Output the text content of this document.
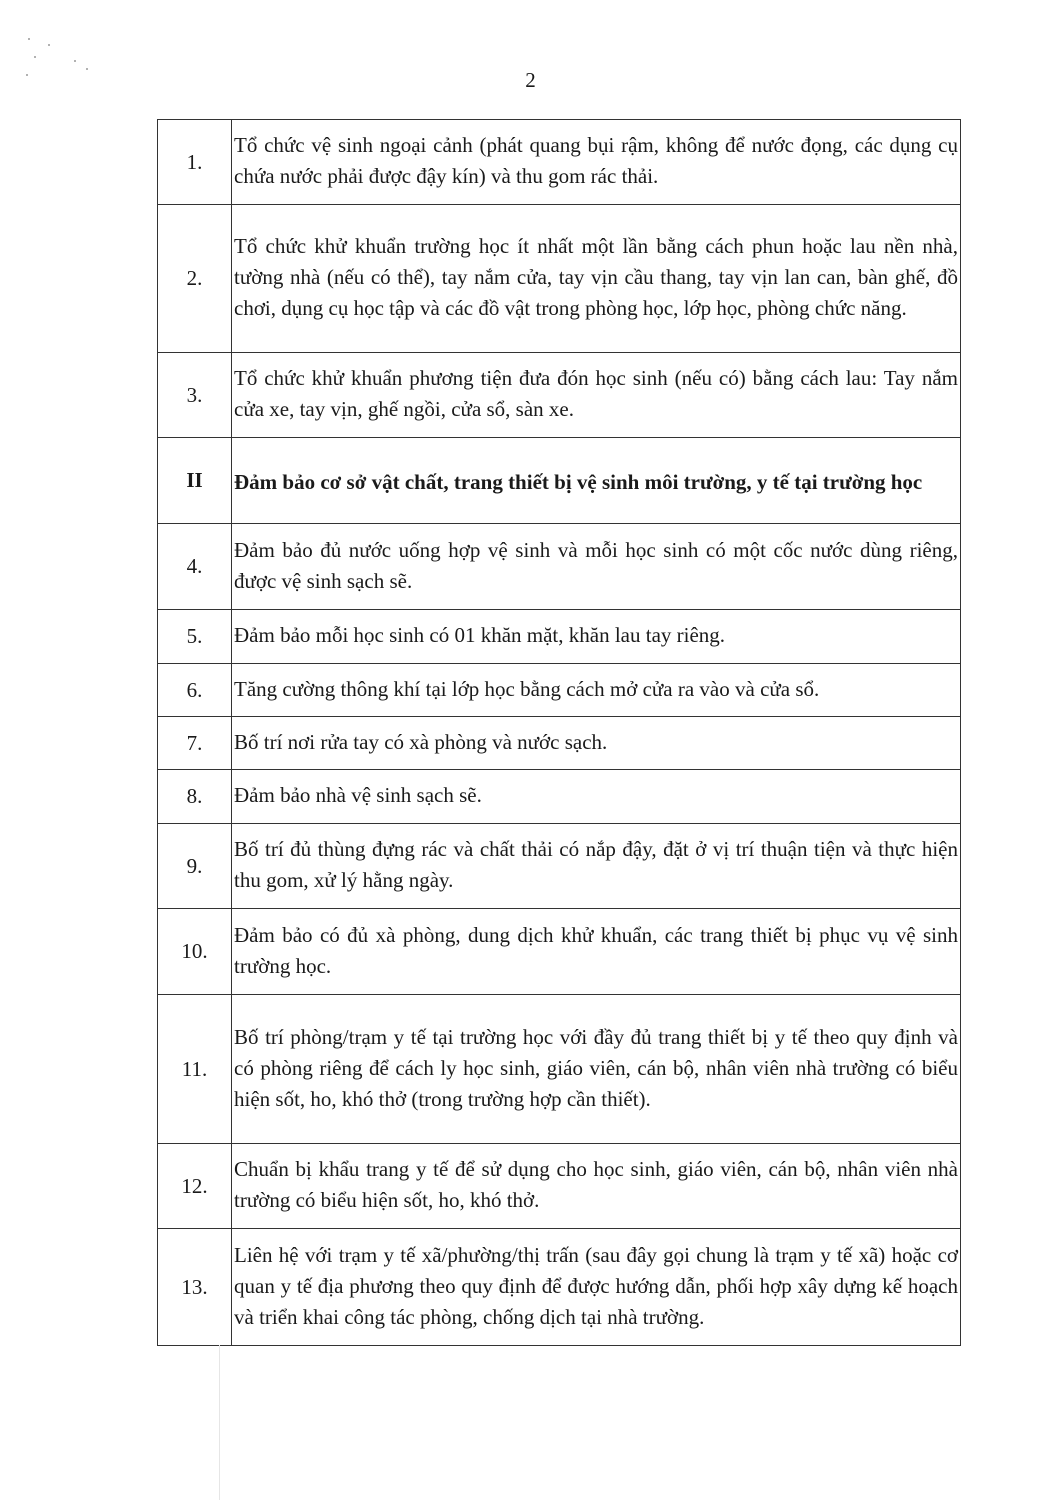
2
1.	Tổ chức vệ sinh ngoại cảnh (phát quang bụi rậm, không để nước đọng, các dụng cụ chứa nước phải được đậy kín) và thu gom rác thải.
2.	Tổ chức khử khuẩn trường học ít nhất một lần bằng cách phun hoặc lau nền nhà, tường nhà (nếu có thể), tay nắm cửa, tay vịn cầu thang, tay vịn lan can, bàn ghế, đồ chơi, dụng cụ học tập và các đồ vật trong phòng học, lớp học, phòng chức năng.
3.	Tổ chức khử khuẩn phương tiện đưa đón học sinh (nếu có) bằng cách lau: Tay nắm cửa xe, tay vịn, ghế ngồi, cửa sổ, sàn xe.
II	Đảm bảo cơ sở vật chất, trang thiết bị vệ sinh môi trường, y tế tại trường học
4.	Đảm bảo đủ nước uống hợp vệ sinh và mỗi học sinh có một cốc nước dùng riêng, được vệ sinh sạch sẽ.
5.	Đảm bảo mỗi học sinh có 01 khăn mặt, khăn lau tay riêng.
6.	Tăng cường thông khí tại lớp học bằng cách mở cửa ra vào và cửa sổ.
7.	Bố trí nơi rửa tay có xà phòng và nước sạch.
8.	Đảm bảo nhà vệ sinh sạch sẽ.
9.	Bố trí đủ thùng đựng rác và chất thải có nắp đậy, đặt ở vị trí thuận tiện và thực hiện thu gom, xử lý hằng ngày.
10.	Đảm bảo có đủ xà phòng, dung dịch khử khuẩn, các trang thiết bị phục vụ vệ sinh trường học.
11.	Bố trí phòng/trạm y tế tại trường học với đầy đủ trang thiết bị y tế theo quy định và có phòng riêng để cách ly học sinh, giáo viên, cán bộ, nhân viên nhà trường có biểu hiện sốt, ho, khó thở (trong trường hợp cần thiết).
12.	Chuẩn bị khẩu trang y tế để sử dụng cho học sinh, giáo viên, cán bộ, nhân viên nhà trường có biểu hiện sốt, ho, khó thở.
13.	Liên hệ với trạm y tế xã/phường/thị trấn (sau đây gọi chung là trạm y tế xã) hoặc cơ quan y tế địa phương theo quy định để được hướng dẫn, phối hợp xây dựng kế hoạch và triển khai công tác phòng, chống dịch tại nhà trường.
